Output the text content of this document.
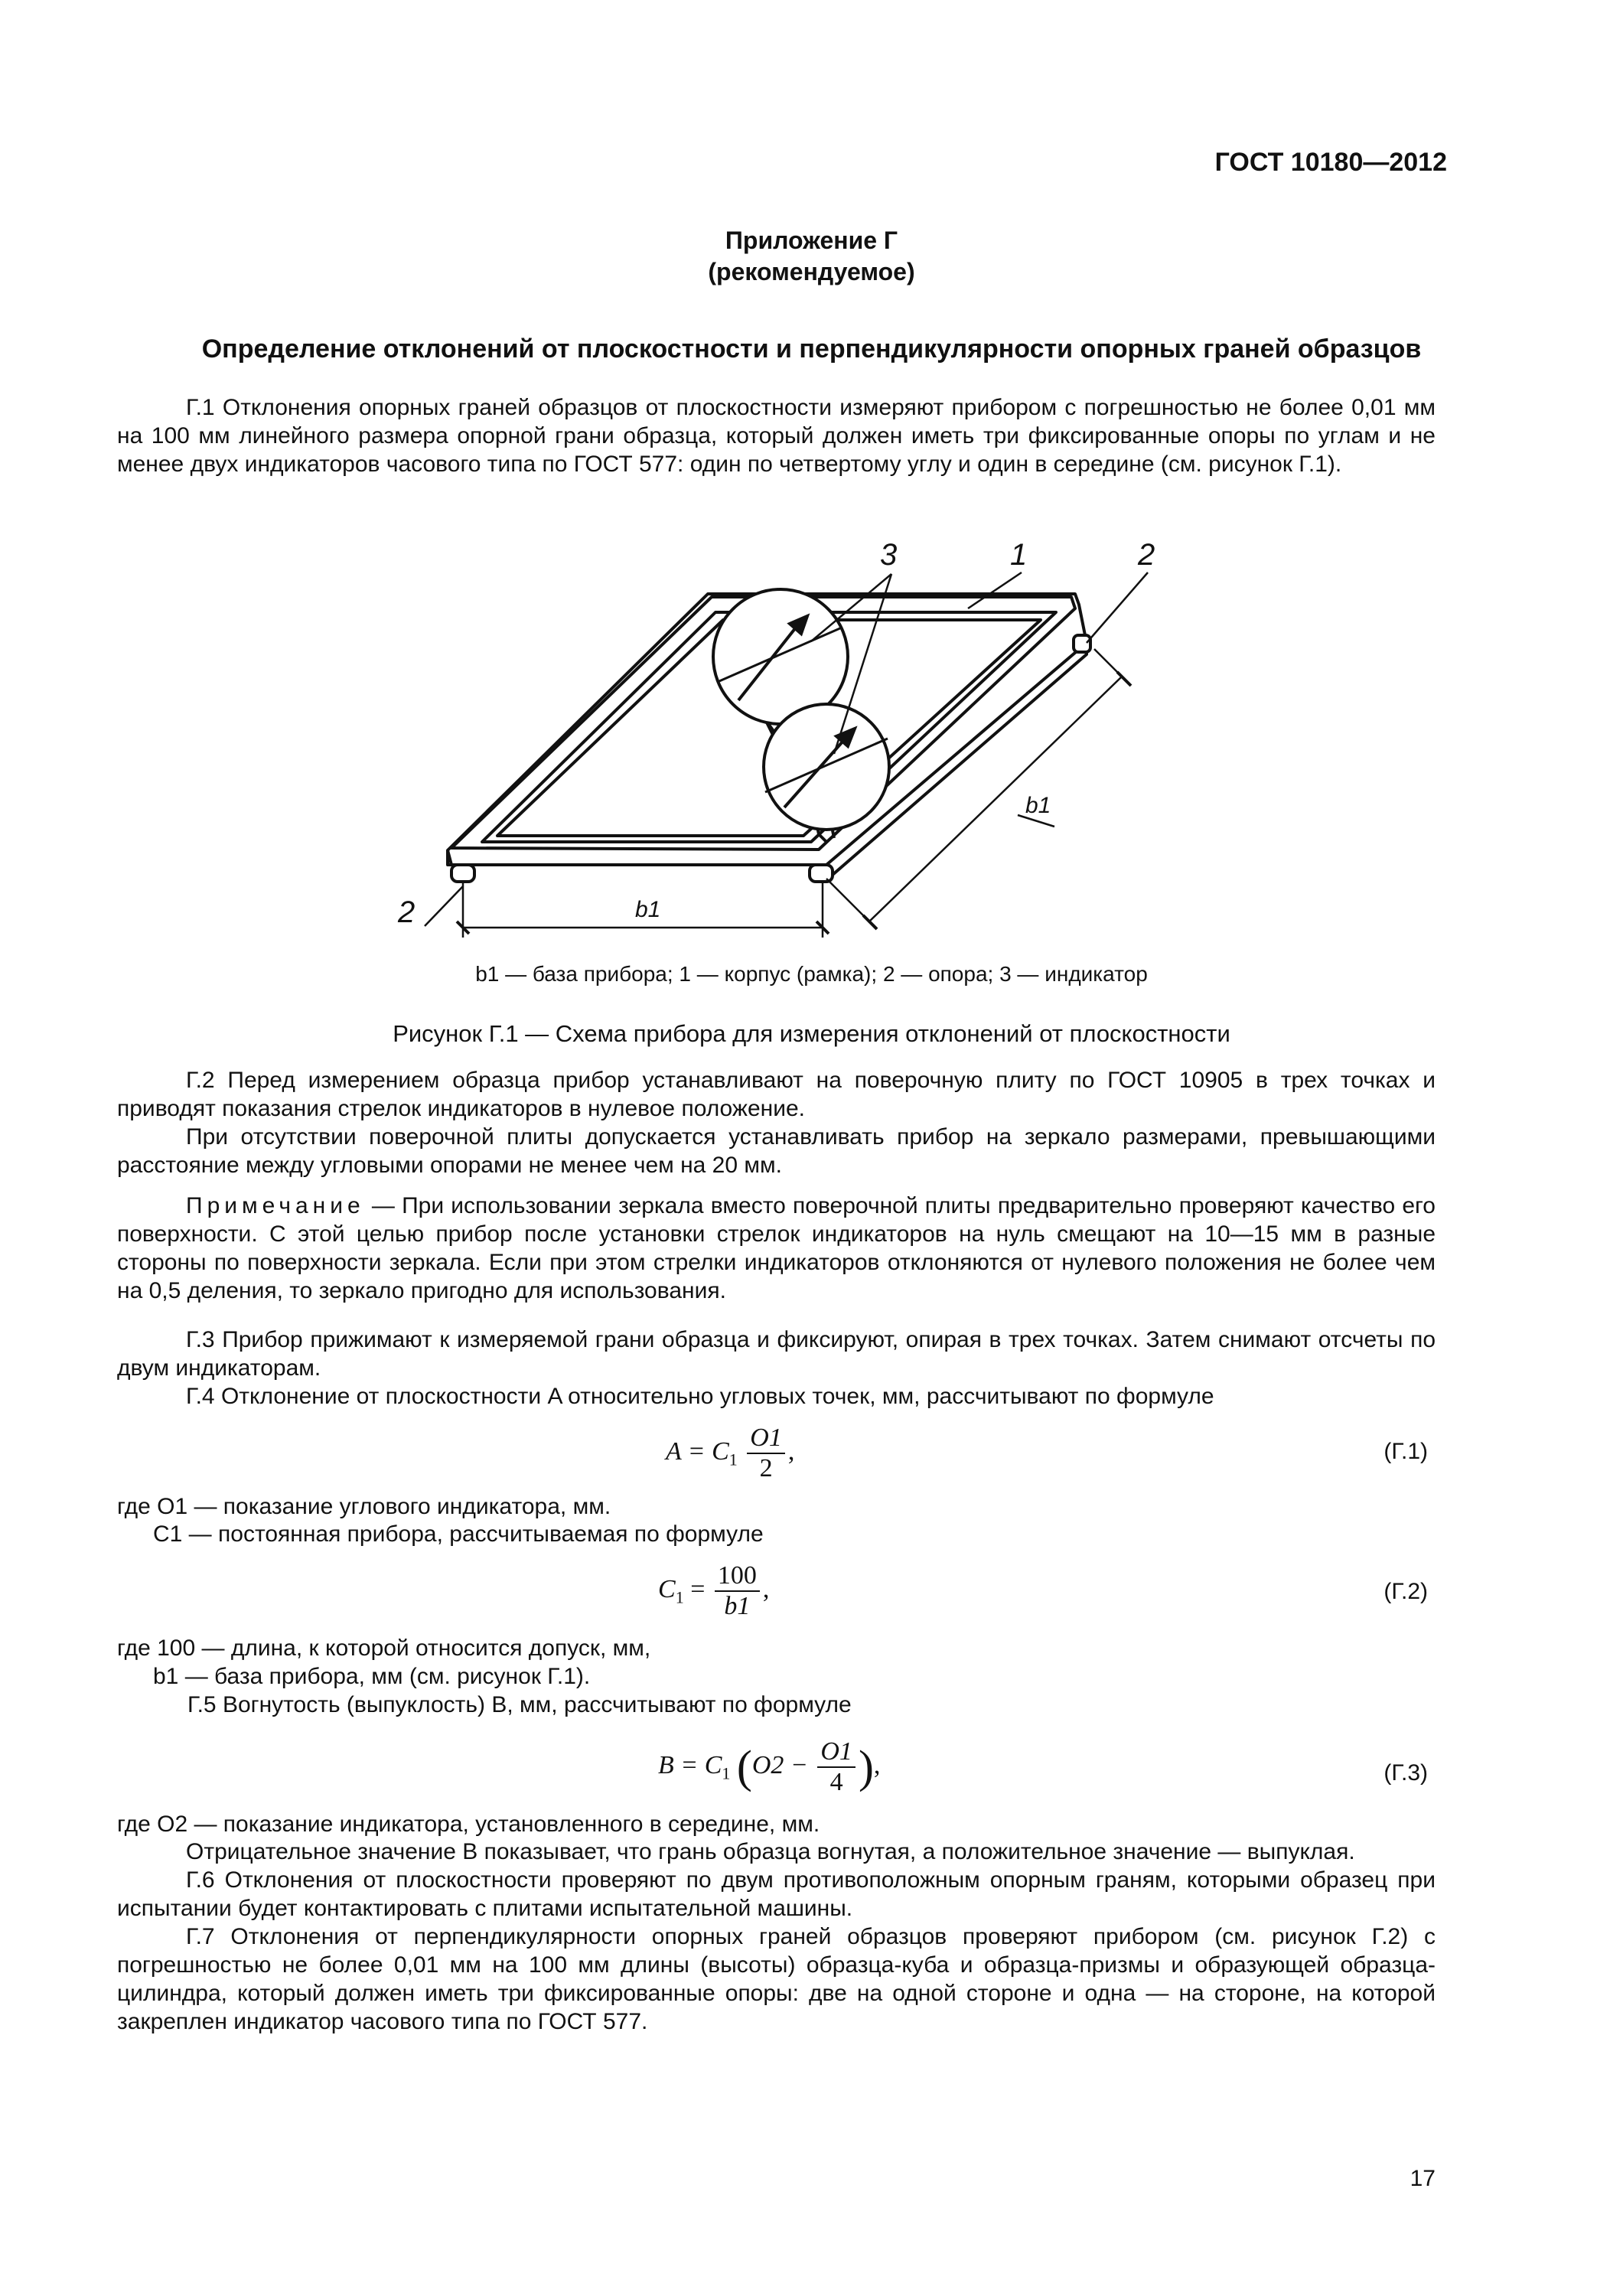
ГОСТ 10180—2012
Приложение Г
(рекомендуемое)
Определение отклонений от плоскостности и перпендикулярности опорных граней образцов
Г.1 Отклонения опорных граней образцов от плоскостности измеряют прибором с погрешностью не более 0,01 мм на 100 мм линейного размера опорной грани образца, который должен иметь три фиксированные опоры по углам и не менее двух индикаторов часового типа по ГОСТ 577: один по четвертому углу и один в середине (см. рисунок Г.1).
3	1	2
2
b1
b1
b1 — база прибора; 1 — корпус (рамка); 2 — опора; 3 — индикатор
Рисунок Г.1 — Схема прибора для измерения отклонений от плоскостности
Г.2 Перед измерением образца прибор устанавливают на поверочную плиту по ГОСТ 10905 в трех точках и приводят показания стрелок индикаторов в нулевое положение.
При отсутствии поверочной плиты допускается устанавливать прибор на зеркало размерами, превышающими расстояние между угловыми опорами не менее чем на 20 мм.
Примечание — При использовании зеркала вместо поверочной плиты предварительно проверяют качество его поверхности. С этой целью прибор после установки стрелок индикаторов на нуль смещают на 10—15 мм в разные стороны по поверхности зеркала. Если при этом стрелки индикаторов отклоняются от нулевого положения не более чем на 0,5 деления, то зеркало пригодно для использования.
Г.3 Прибор прижимают к измеряемой грани образца и фиксируют, опирая в трех точках. Затем снимают отсчеты по двум индикаторам.
Г.4 Отклонение от плоскостности A относительно угловых точек, мм, рассчитывают по формуле
$A = C_1 \frac{O1}{2}$ ,	(Г.1)
где O1 — показание углового индикатора, мм.
C1 — постоянная прибора, рассчитываемая по формуле
$C_1 = \frac{100}{b1}$ ,	(Г.2)
где 100 — длина, к которой относится допуск, мм,
b1 — база прибора, мм (см. рисунок Г.1).
Г.5 Вогнутость (выпуклость) B, мм, рассчитывают по формуле
$B = C_1$ ($O2 - \frac{O1}{4}$ ),	(Г.3)
где O2 — показание индикатора, установленного в середине, мм.
Отрицательное значение B показывает, что грань образца вогнутая, а положительное значение — выпуклая.
Г.6 Отклонения от плоскостности проверяют по двум противоположным опорным граням, которыми образец при испытании будет контактировать с плитами испытательной машины.
Г.7 Отклонения от перпендикулярности опорных граней образцов проверяют прибором (см. рисунок Г.2) с погрешностью не более 0,01 мм на 100 мм длины (высоты) образца-куба и образца-призмы и образующей образца-цилиндра, который должен иметь три фиксированные опоры: две на одной стороне и одна — на стороне, на которой закреплен индикатор часового типа по ГОСТ 577.
17
